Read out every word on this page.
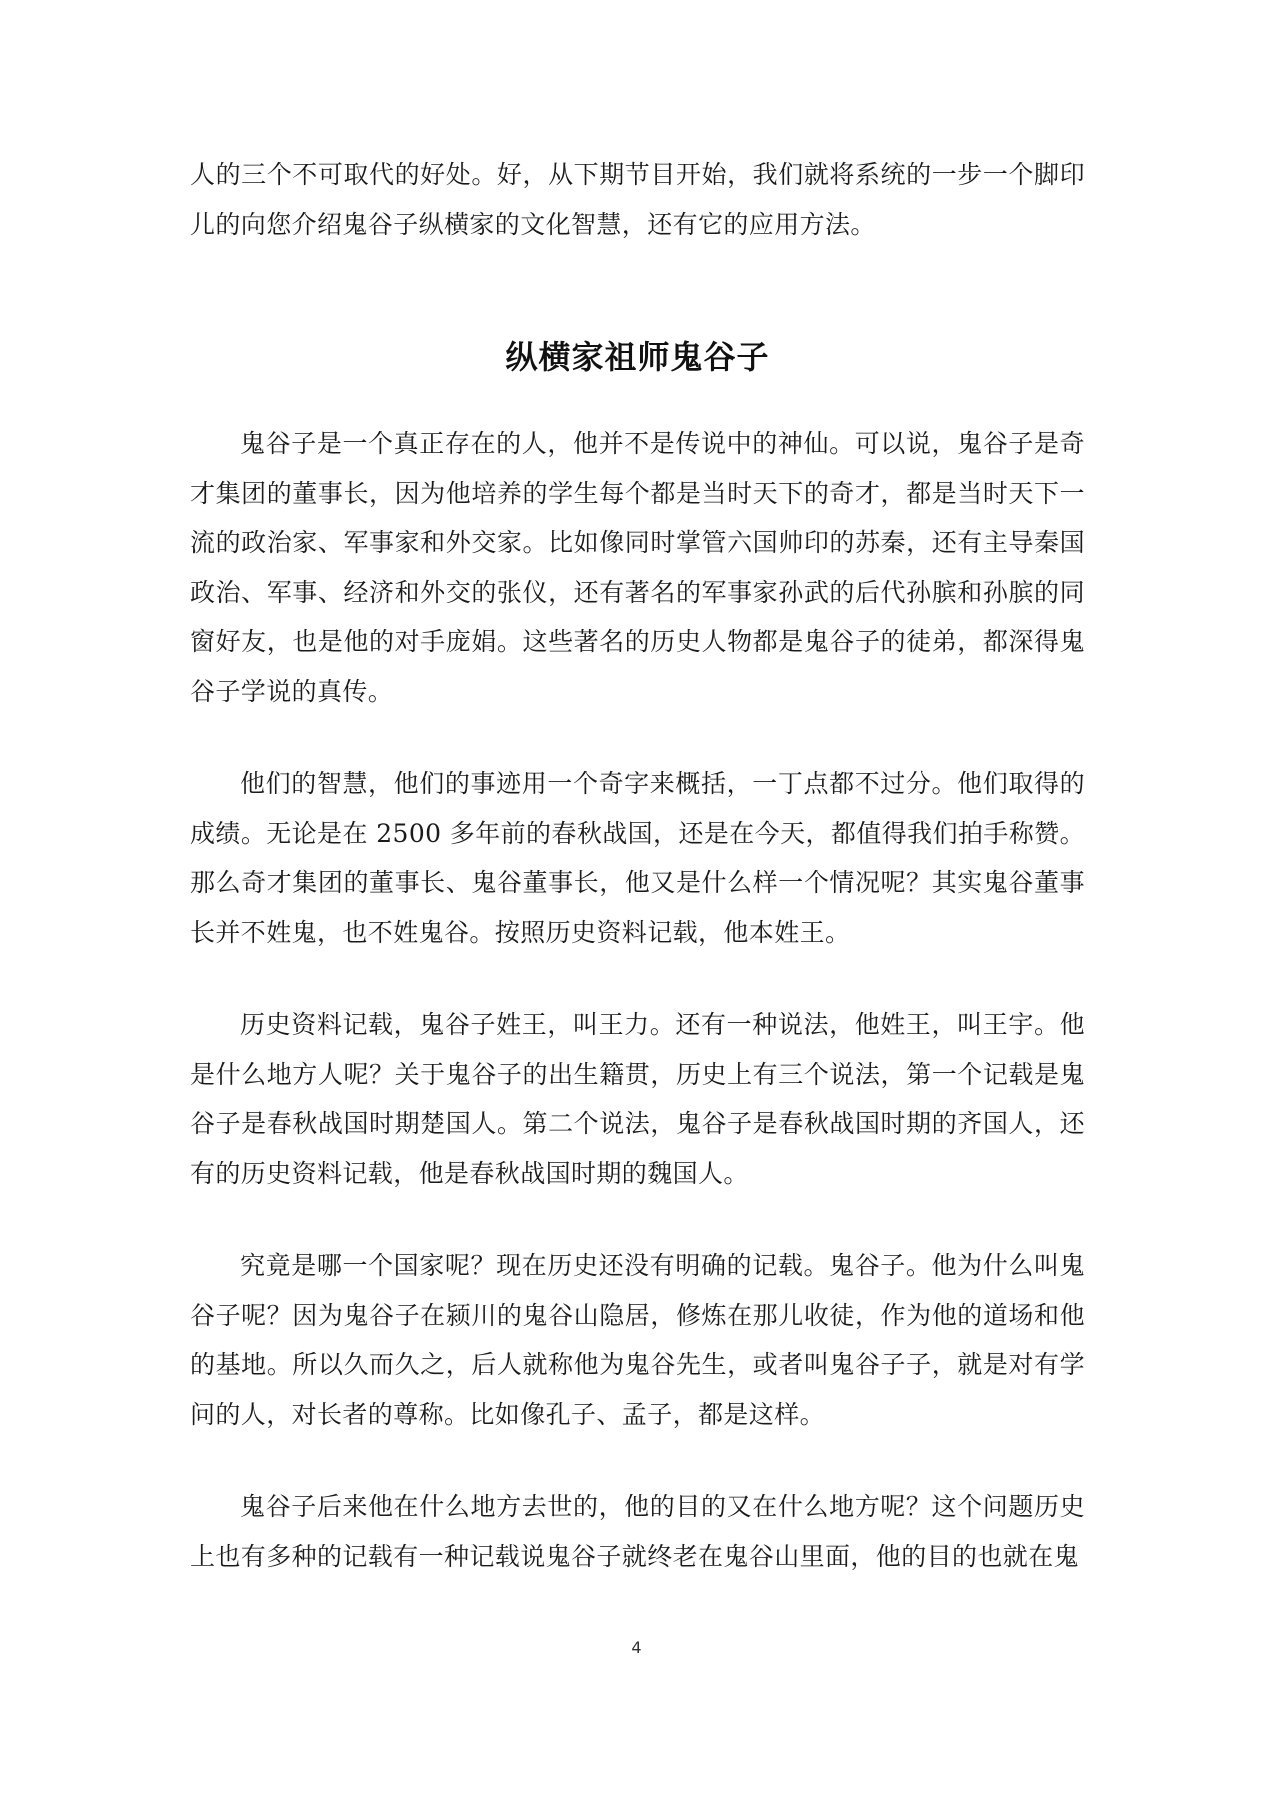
人的三个不可取代的好处。好，从下期节目开始，我们就将系统的一步一个脚印儿的向您介绍鬼谷子纵横家的文化智慧，还有它的应用方法。

纵横家祖师鬼谷子

鬼谷子是一个真正存在的人，他并不是传说中的神仙。可以说，鬼谷子是奇才集团的董事长，因为他培养的学生每个都是当时天下的奇才，都是当时天下一流的政治家、军事家和外交家。比如像同时掌管六国帅印的苏秦，还有主导秦国政治、军事、经济和外交的张仪，还有著名的军事家孙武的后代孙膑和孙膑的同窗好友，也是他的对手庞娟。这些著名的历史人物都是鬼谷子的徒弟，都深得鬼谷子学说的真传。

他们的智慧，他们的事迹用一个奇字来概括，一丁点都不过分。他们取得的成绩。无论是在 2500 多年前的春秋战国，还是在今天，都值得我们拍手称赞。那么奇才集团的董事长、鬼谷董事长，他又是什么样一个情况呢？其实鬼谷董事长并不姓鬼，也不姓鬼谷。按照历史资料记载，他本姓王。

历史资料记载，鬼谷子姓王，叫王力。还有一种说法，他姓王，叫王宇。他是什么地方人呢？关于鬼谷子的出生籍贯，历史上有三个说法，第一个记载是鬼谷子是春秋战国时期楚国人。第二个说法，鬼谷子是春秋战国时期的齐国人，还有的历史资料记载，他是春秋战国时期的魏国人。

究竟是哪一个国家呢？现在历史还没有明确的记载。鬼谷子。他为什么叫鬼谷子呢？因为鬼谷子在颍川的鬼谷山隐居，修炼在那儿收徒，作为他的道场和他的基地。所以久而久之，后人就称他为鬼谷先生，或者叫鬼谷子子，就是对有学问的人，对长者的尊称。比如像孔子、孟子，都是这样。

鬼谷子后来他在什么地方去世的，他的目的又在什么地方呢？这个问题历史上也有多种的记载有一种记载说鬼谷子就终老在鬼谷山里面，他的目的也就在鬼

4
